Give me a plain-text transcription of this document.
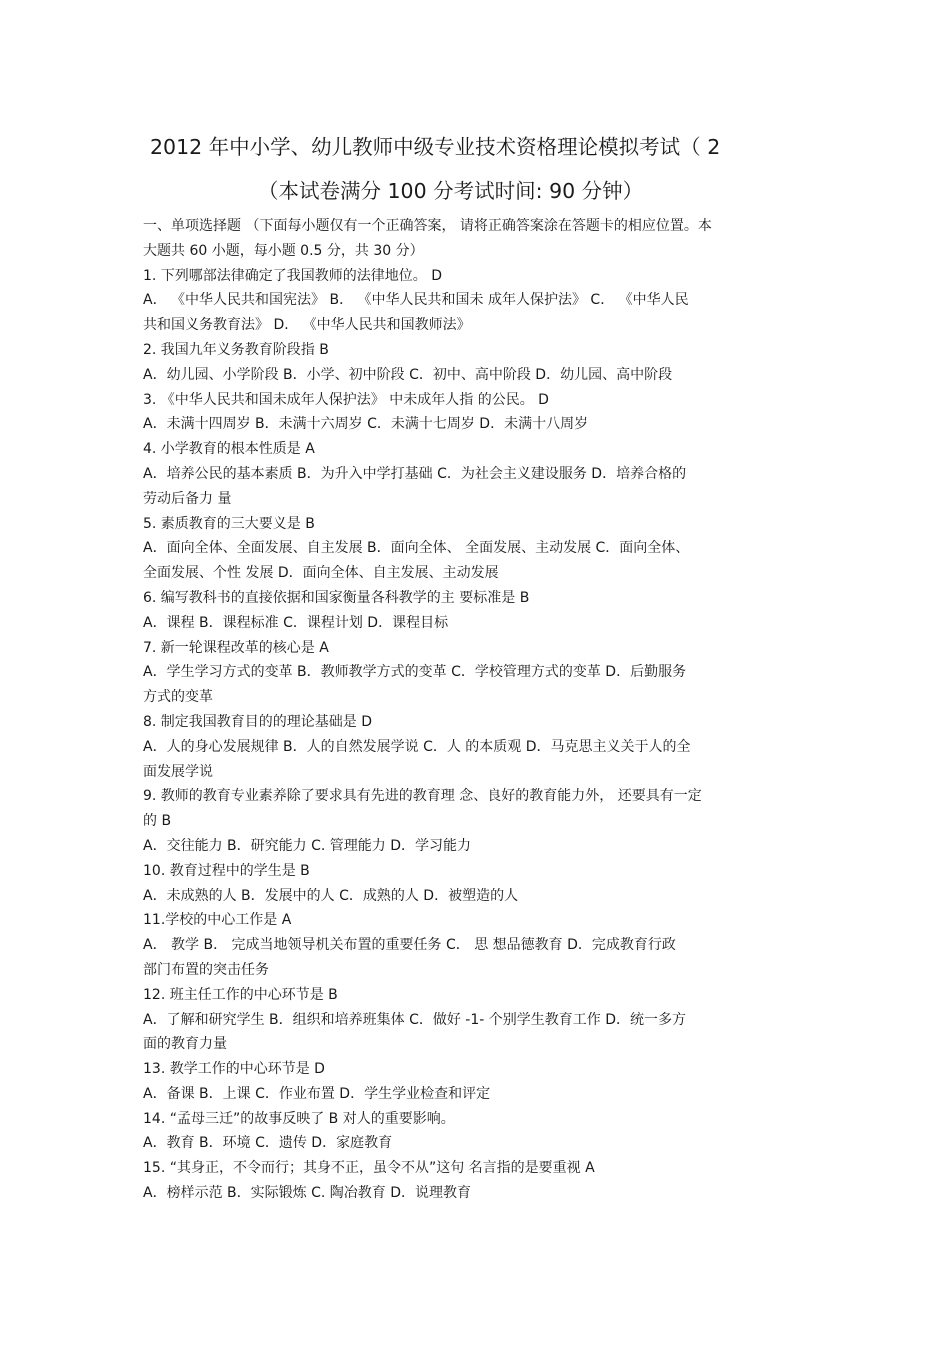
2012 年中小学、幼儿教师中级专业技术资格理论模拟考试（ 2
（本试卷满分 100 分考试时间: 90 分钟）
一、单项选择题 （下面每小题仅有一个正确答案， 请将正确答案涂在答题卡的相应位置。本
大题共 60 小题，每小题 0.5 分，共 30 分）
1. 下列哪部法律确定了我国教师的法律地位。 D
A． 《中华人民共和国宪法》 B． 《中华人民共和国未 成年人保护法》 C． 《中华人民
共和国义务教育法》 D． 《中华人民共和国教师法》
2. 我国九年义务教育阶段指 B
A．幼儿园、小学阶段 B．小学、初中阶段 C．初中、高中阶段 D．幼儿园、高中阶段
3. 《中华人民共和国未成年人保护法》 中未成年人指 的公民。 D
A．未满十四周岁 B．未满十六周岁 C．未满十七周岁 D．未满十八周岁
4. 小学教育的根本性质是 A
A．培养公民的基本素质 B．为升入中学打基础 C．为社会主义建设服务 D．培养合格的
劳动后备力 量
5. 素质教育的三大要义是 B
A．面向全体、全面发展、自主发展 B．面向全体、 全面发展、主动发展 C．面向全体、
全面发展、个性 发展 D．面向全体、自主发展、主动发展
6. 编写教科书的直接依据和国家衡量各科教学的主 要标准是 B
A．课程 B．课程标准 C．课程计划 D．课程目标
7. 新一轮课程改革的核心是 A
A．学生学习方式的变革 B．教师教学方式的变革 C．学校管理方式的变革 D．后勤服务
方式的变革
8. 制定我国教育目的的理论基础是 D
A．人的身心发展规律 B．人的自然发展学说 C．人 的本质观 D．马克思主义关于人的全
面发展学说
9. 教师的教育专业素养除了要求具有先进的教育理 念、良好的教育能力外， 还要具有一定
的 B
A．交往能力 B．研究能力 C. 管理能力 D．学习能力
10. 教育过程中的学生是 B
A．未成熟的人 B．发展中的人 C．成熟的人 D．被塑造的人
11.学校的中心工作是 A
A． 教学 B． 完成当地领导机关布置的重要任务 C． 思 想品德教育 D．完成教育行政
部门布置的突击任务
12. 班主任工作的中心环节是 B
A．了解和研究学生 B．组织和培养班集体 C．做好 -1- 个别学生教育工作 D．统一多方
面的教育力量
13. 教学工作的中心环节是 D
A．备课 B．上课 C．作业布置 D．学生学业检查和评定
14. “孟母三迁”的故事反映了 B 对人的重要影响。
A．教育 B．环境 C．遗传 D．家庭教育
15. “其身正，不令而行；其身不正，虽令不从”这句 名言指的是要重视 A
A．榜样示范 B．实际锻炼 C. 陶冶教育 D．说理教育
